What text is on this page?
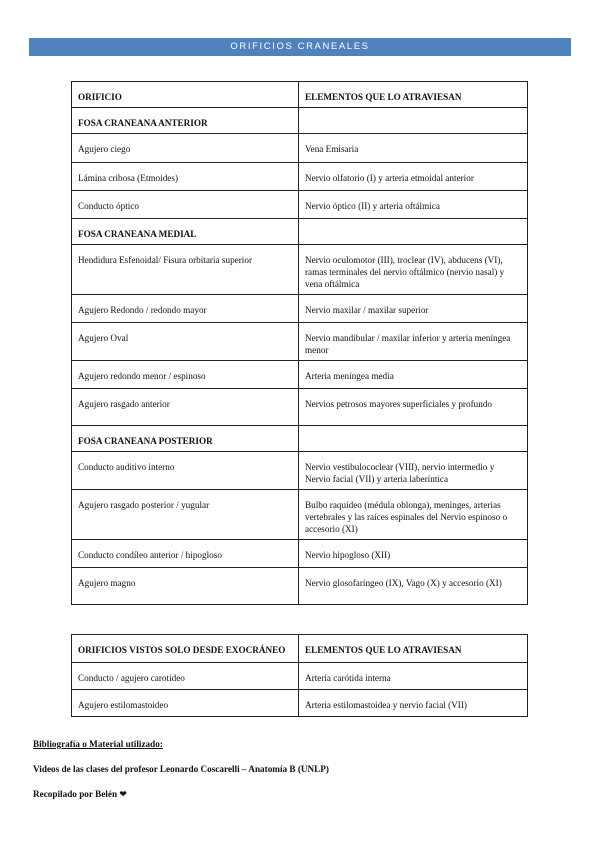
ORIFICIOS CRANEALES
ORIFICIO	ELEMENTOS QUE LO ATRAVIESAN
FOSA CRANEANA ANTERIOR	
Agujero ciego	Vena Emisaria
Lámina cribosa (Etmoides)	Nervio olfatorio (I) y arteria etmoidal anterior
Conducto óptico	Nervio óptico (II) y arteria oftálmica
FOSA CRANEANA MEDIAL	
Hendidura Esfenoidal/ Fisura orbitaria superior	Nervio oculomotor (III), troclear (IV), abducens (VI), ramas terminales del nervio oftálmico (nervio nasal) y vena oftálmica
Agujero Redondo / redondo mayor	Nervio maxilar / maxilar superior
Agujero Oval	Nervio mandibular / maxilar inferior y arteria meníngea menor
Agujero redondo menor / espinoso	Arteria meníngea media
Agujero rasgado anterior	Nervios petrosos mayores superficiales y profundo
FOSA CRANEANA POSTERIOR	
Conducto auditivo interno	Nervio vestibulococlear (VIII), nervio intermedio y Nervio facial (VII) y arteria laberíntica
Agujero rasgado posterior / yugular	Bulbo raquídeo (médula oblonga), meninges, arterias vertebrales y las raíces espinales del Nervio espinoso o accesorio (XI)
Conducto condíleo anterior / hipogloso	Nervio hipogloso (XII)
Agujero magno	Nervio glosofaríngeo (IX), Vago (X) y accesorio (XI)
ORIFICIOS VISTOS SOLO DESDE EXOCRÁNEO	ELEMENTOS QUE LO ATRAVIESAN
Conducto / agujero carotídeo	Arteria carótida interna
Agujero estilomastoideo	Arteria estilomastoidea y nervio facial (VII)
Bibliografía o Material utilizado:
Videos de las clases del profesor Leonardo Coscarelli – Anatomía B (UNLP)
Recopilado por Belén ❤
